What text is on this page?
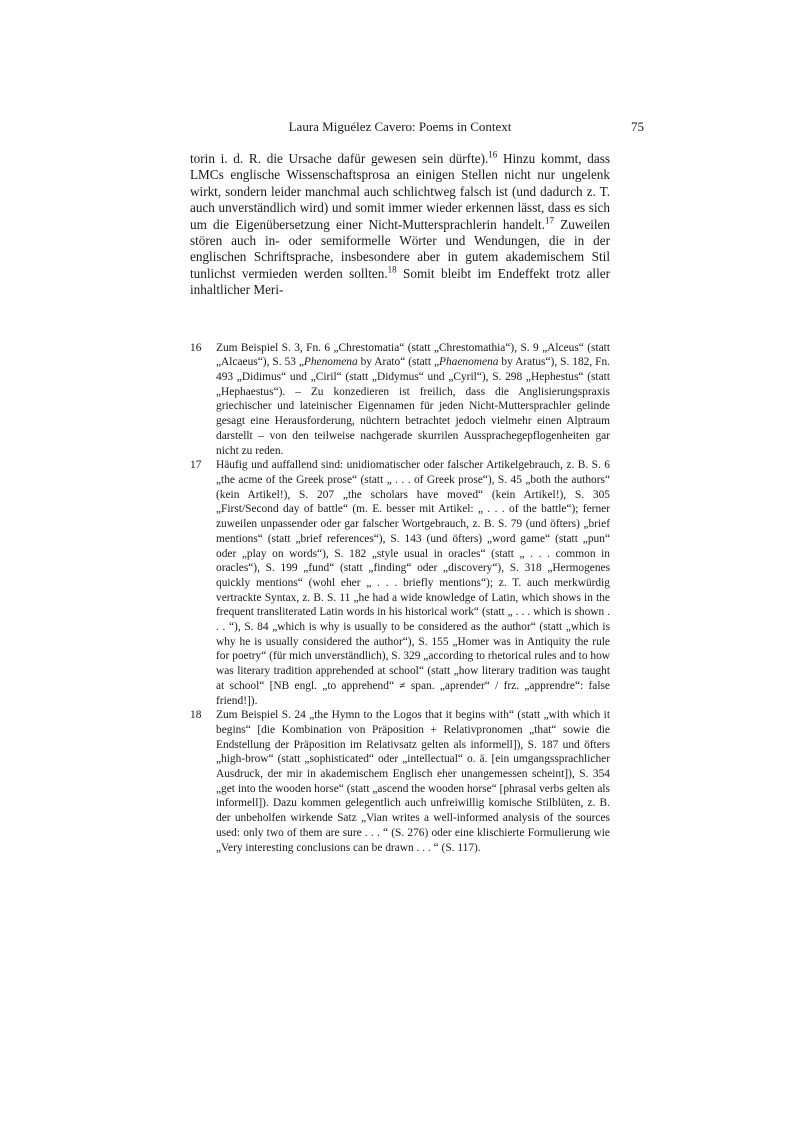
Laura Miguélez Cavero: Poems in Context	75

torin i. d. R. die Ursache dafür gewesen sein dürfte).$^{16}$ Hinzu kommt, dass LMCs englische Wissenschaftsprosa an einigen Stellen nicht nur ungelenk wirkt, sondern leider manchmal auch schlichtweg falsch ist (und dadurch z. T. auch unverständlich wird) und somit immer wieder erkennen lässt, dass es sich um die Eigenübersetzung einer Nicht-Muttersprachlerin handelt.$^{17}$ Zuweilen stören auch in- oder semiformelle Wörter und Wendungen, die in der englischen Schriftsprache, insbesondere aber in gutem akademischem Stil tunlichst vermieden werden sollten.$^{18}$ Somit bleibt im Endeffekt trotz aller inhaltlicher Meri-

16	Zum Beispiel S. 3, Fn. 6 „Chrestomatia“ (statt „Chrestomathia“), S. 9 „Alceus“ (statt „Alcaeus“), S. 53 „Phenomena by Arato“ (statt „Phaenomena by Aratus“), S. 182, Fn. 493 „Didimus“ und „Ciril“ (statt „Didymus“ und „Cyril“), S. 298 „Hephestus“ (statt „Hephaestus“). – Zu konzedieren ist freilich, dass die Anglisierungspraxis griechischer und lateinischer Eigennamen für jeden Nicht-Muttersprachler gelinde gesagt eine Herausforderung, nüchtern betrachtet jedoch vielmehr einen Alptraum darstellt – von den teilweise nachgerade skurrilen Aussprachegepflogenheiten gar nicht zu reden.
17	Häufig und auffallend sind: unidiomatischer oder falscher Artikelgebrauch, z. B. S. 6 „the acme of the Greek prose“ (statt „ . . . of Greek prose“), S. 45 „both the authors“ (kein Artikel!), S. 207 „the scholars have moved“ (kein Artikel!), S. 305 „First/Second day of battle“ (m. E. besser mit Artikel: „ . . . of the battle“); ferner zuweilen unpassender oder gar falscher Wortgebrauch, z. B. S. 79 (und öfters) „brief mentions“ (statt „brief references“), S. 143 (und öfters) „word game“ (statt „pun“ oder „play on words“), S. 182 „style usual in oracles“ (statt „ . . . common in oracles“), S. 199 „fund“ (statt „finding“ oder „discovery“), S. 318 „Hermogenes quickly mentions“ (wohl eher „ . . . briefly mentions“); z. T. auch merkwürdig vertrackte Syntax, z. B. S. 11 „he had a wide knowledge of Latin, which shows in the frequent transliterated Latin words in his historical work“ (statt „ . . . which is shown . . . “), S. 84 „which is why is usually to be considered as the author“ (statt „which is why he is usually considered the author“), S. 155 „Homer was in Antiquity the rule for poetry“ (für mich unverständlich), S. 329 „according to rhetorical rules and to how was literary tradition apprehended at school“ (statt „how literary tradition was taught at school“ [NB engl. „to apprehend“ ≠ span. „aprender“ / frz. „apprendre“: false friend!]).
18	Zum Beispiel S. 24 „the Hymn to the Logos that it begins with“ (statt „with which it begins“ [die Kombination von Präposition + Relativpronomen „that“ sowie die Endstellung der Präposition im Relativsatz gelten als informell]), S. 187 und öfters „high-brow“ (statt „sophisticated“ oder „intellectual“ o. ä. [ein umgangssprachlicher Ausdruck, der mir in akademischem Englisch eher unangemessen scheint]), S. 354 „get into the wooden horse“ (statt „ascend the wooden horse“ [phrasal verbs gelten als informell]). Dazu kommen gelegentlich auch unfreiwillig komische Stilblüten, z. B. der unbeholfen wirkende Satz „Vian writes a well-informed analysis of the sources used: only two of them are sure . . . “ (S. 276) oder eine klischierte Formulierung wie „Very interesting conclusions can be drawn . . . “ (S. 117).
